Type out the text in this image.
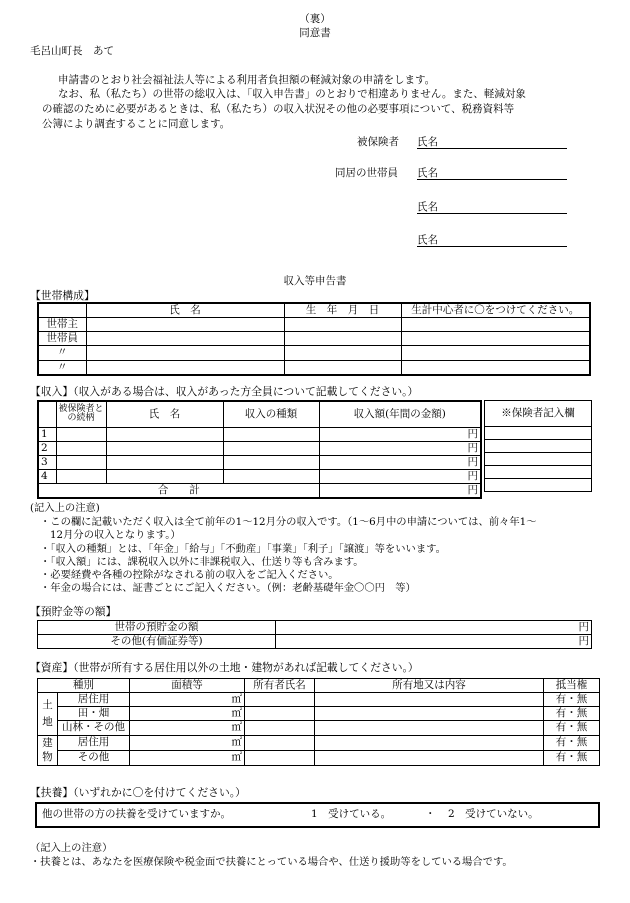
（裏）
同意書
毛呂山町長　あて
申請書のとおり社会福祉法人等による利用者負担額の軽減対象の申請をします。
なお、私（私たち）の世帯の総収入は、「収入申告書」のとおりで相違ありません。また、軽減対象
の確認のために必要があるときは、私（私たち）の収入状況その他の必要事項について、税務資料等
公簿により調査することに同意します。
被保険者 氏名
同居の世帯員 氏名
氏名
氏名
収入等申告書
【世帯構成】
	氏　名	生　年　月　日	生計中心者に〇をつけてください。
世帯主			
世帯員			
〃			
〃			
【収入】（収入がある場合は、収入があった方全員について記載してください。）
	被保険者との続柄	氏　名	収入の種類	収入額(年間の金額)
1				円
2				円
3				円
4				円
合　　計				円
※保険者記入欄

(記入上の注意)
・この欄に記載いただく収入は全て前年の1〜12月分の収入です。（1〜6月中の申請については、前々年1〜
12月分の収入となります。）
・「収入の種類」とは、「年金」「給与」「不動産」「事業」「利子」「譲渡」等をいいます。
・「収入額」には、課税収入以外に非課税収入、仕送り等も含みます。
・必要経費や各種の控除がなされる前の収入をご記入ください。
・年金の場合には、証書ごとにご記入ください。（例：老齢基礎年金〇〇円　等）
【預貯金等の額】
世帯の預貯金の額	円
その他(有価証券等)	円
【資産】（世帯が所有する居住用以外の土地・建物があれば記載してください。）
種別		面積等	所有者氏名	所有地又は内容	抵当権
土地	居住用	㎡			有・無
	田・畑	㎡			有・無
	山林・その他	㎡			有・無
建物	居住用	㎡			有・無
	その他	㎡			有・無
【扶養】（いずれかに〇を付けてください。）
他の世帯の方の扶養を受けていますか。	1　受けている。	・ 2　受けていない。
（記入上の注意）
・扶養とは、あなたを医療保険や税金面で扶養にとっている場合や、仕送り援助等をしている場合です。
